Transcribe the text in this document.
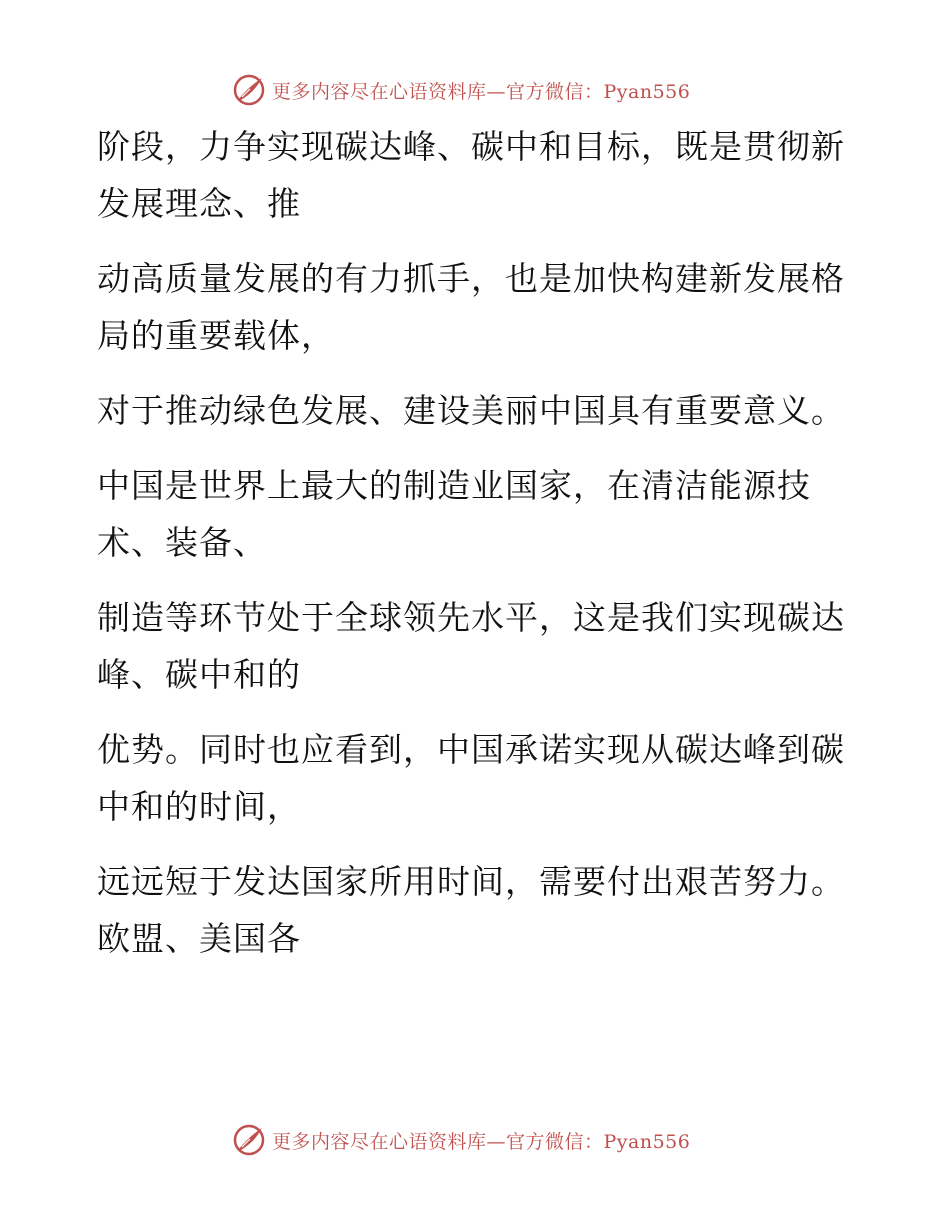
更多内容尽在心语资料库—官方微信：Pyan556

阶段，力争实现碳达峰、碳中和目标，既是贯彻新发展理念、推

动高质量发展的有力抓手，也是加快构建新发展格局的重要载体，

对于推动绿色发展、建设美丽中国具有重要意义。

中国是世界上最大的制造业国家，在清洁能源技术、装备、

制造等环节处于全球领先水平，这是我们实现碳达峰、碳中和的

优势。同时也应看到，中国承诺实现从碳达峰到碳中和的时间，

远远短于发达国家所用时间，需要付出艰苦努力。欧盟、美国各

更多内容尽在心语资料库—官方微信：Pyan556
